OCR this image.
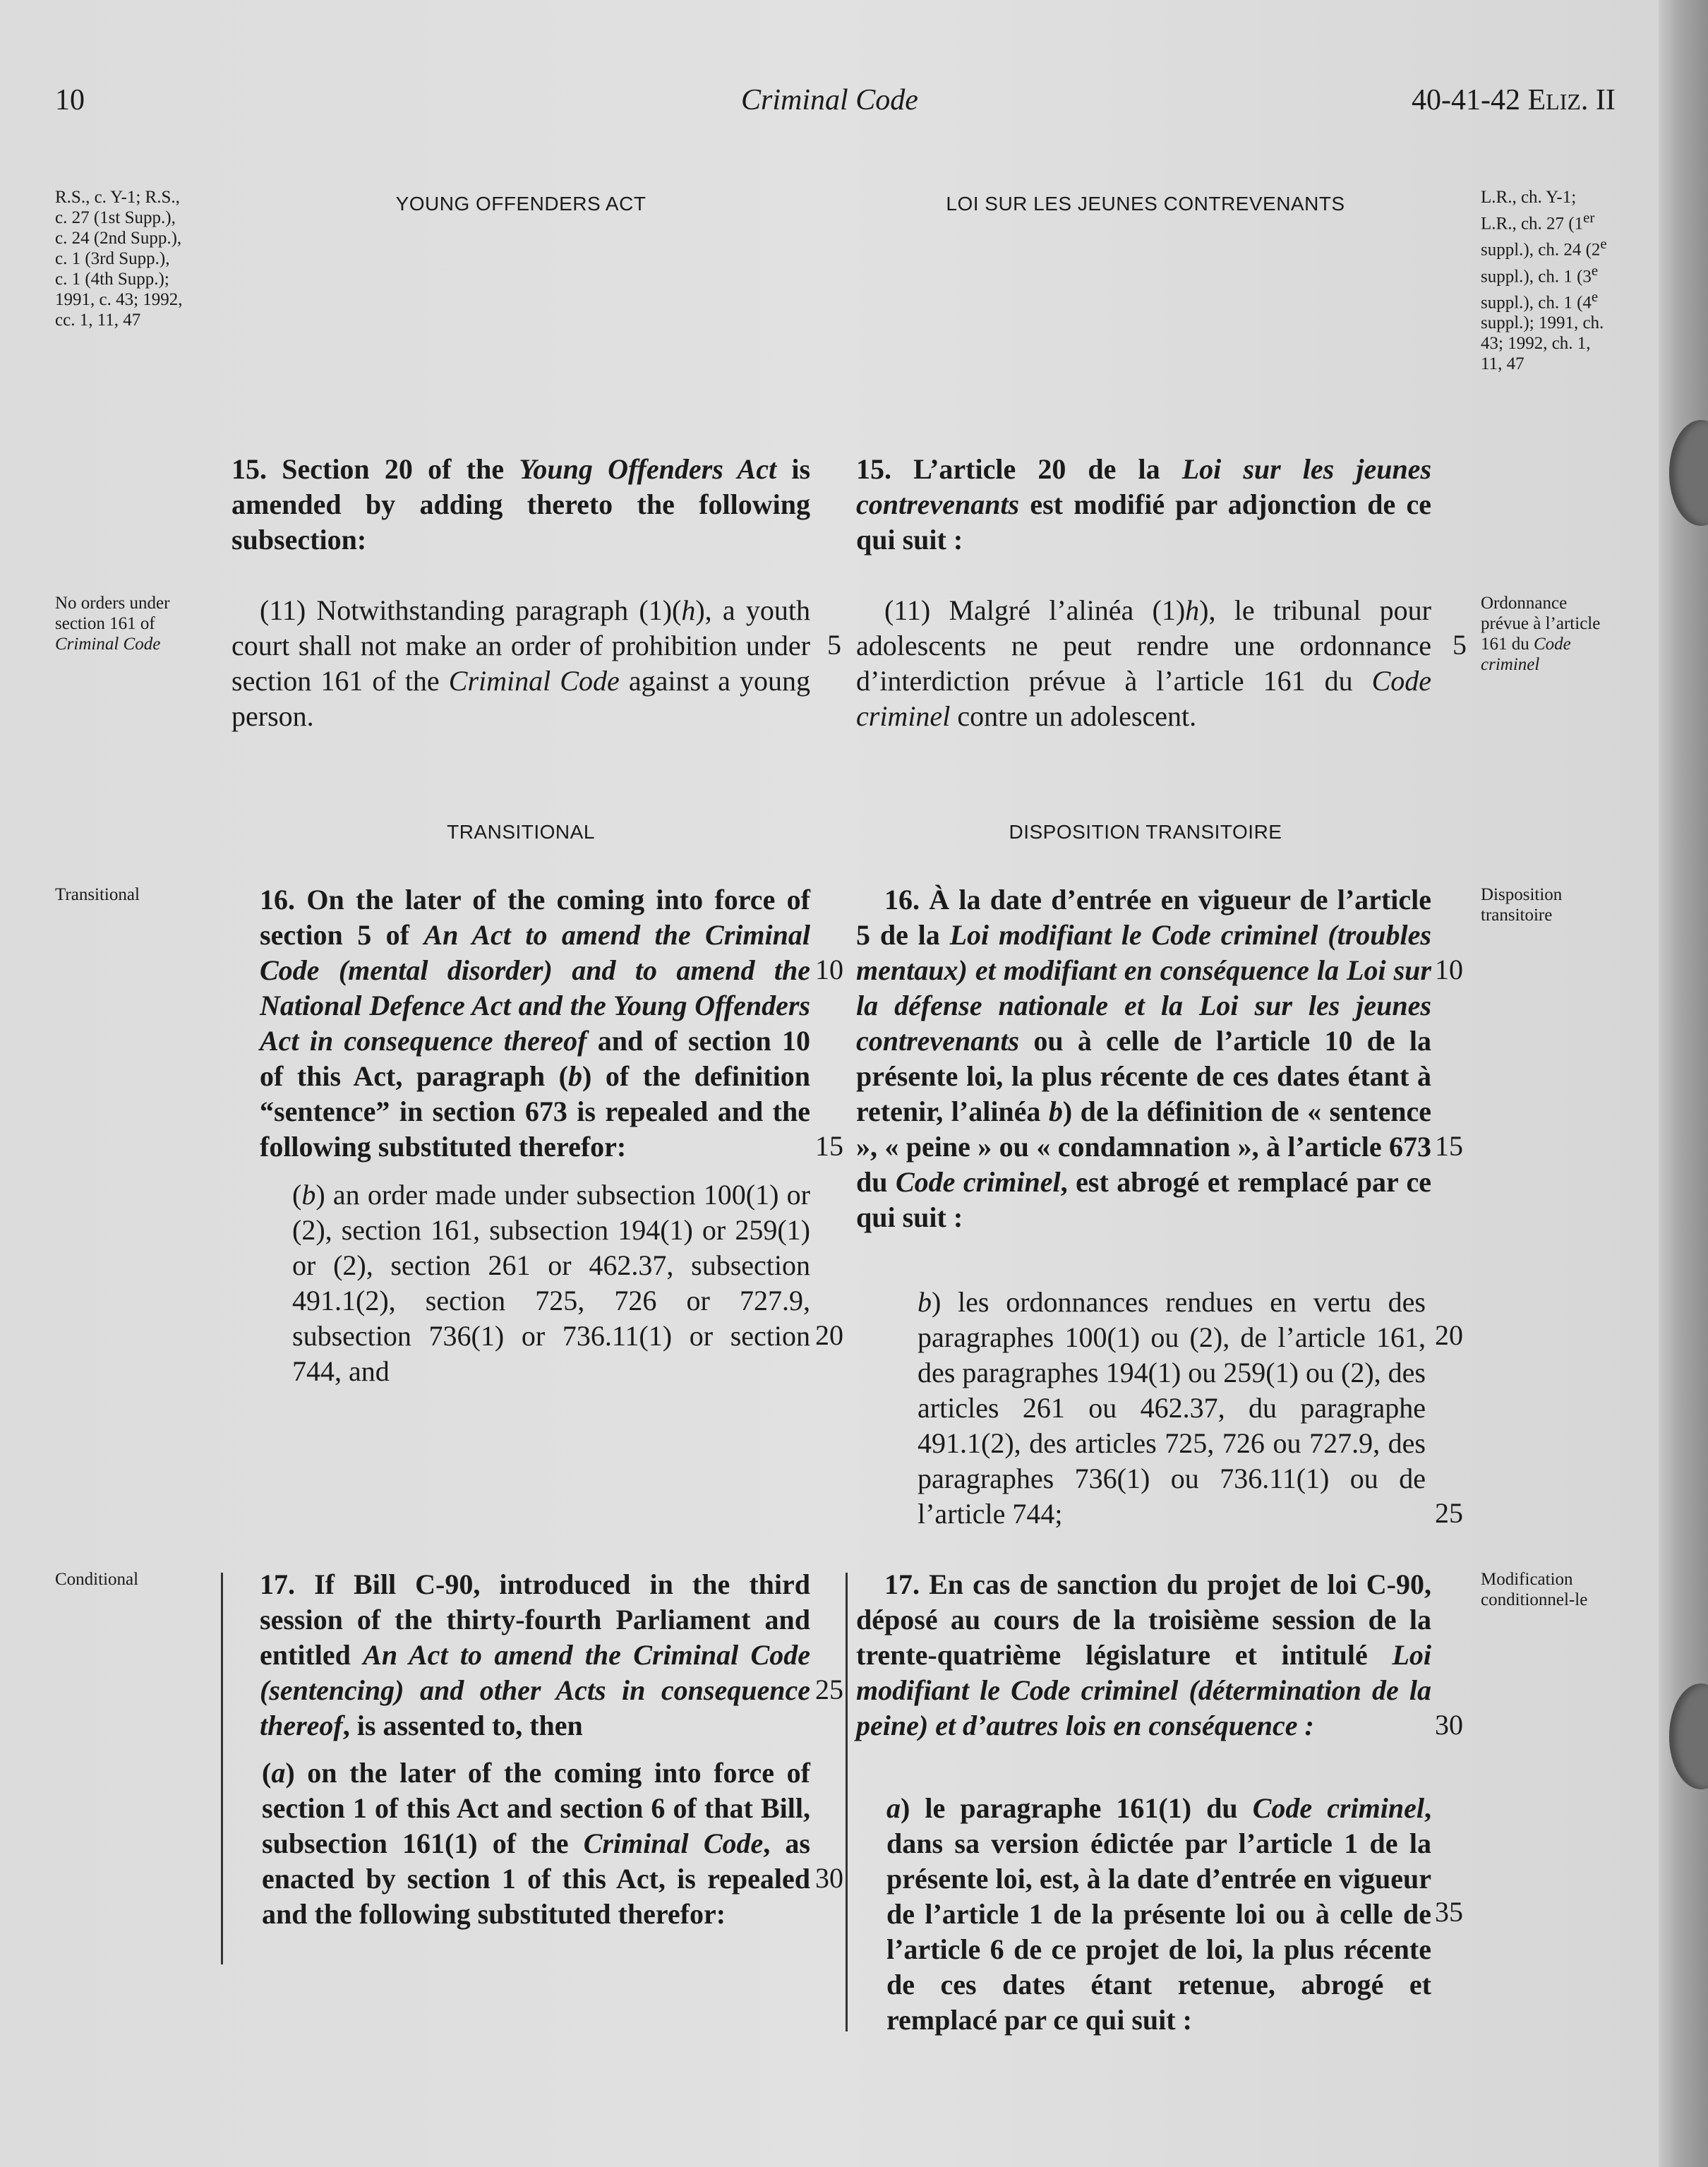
10	Criminal Code	40-41-42 ELIZ. II
R.S., c. Y-1; R.S., c. 27 (1st Supp.), c. 24 (2nd Supp.), c. 1 (3rd Supp.), c. 1 (4th Supp.); 1991, c. 43; 1992, cc. 1, 11, 47
No orders under section 161 of Criminal Code
Transitional
Conditional
L.R., ch. Y-1; L.R., ch. 27 (1er suppl.), ch. 24 (2e suppl.), ch. 1 (3e suppl.), ch. 1 (4e suppl.); 1991, ch. 43; 1992, ch. 1, 11, 47
Ordonnance prévue à l’article 161 du Code criminel
Disposition transitoire
Modification conditionnel-le
YOUNG OFFENDERS ACT
15. Section 20 of the Young Offenders Act is amended by adding thereto the following subsection:
(11) Notwithstanding paragraph (1)(h), a youth court shall not make an order of prohibition under section 161 of the Criminal Code against a young person.
TRANSITIONAL
16. On the later of the coming into force of section 5 of An Act to amend the Criminal Code (mental disorder) and to amend the National Defence Act and the Young Offenders Act in consequence thereof and of section 10 of this Act, paragraph (b) of the definition “sentence” in section 673 is repealed and the following substituted therefor:
(b) an order made under subsection 100(1) or (2), section 161, subsection 194(1) or 259(1) or (2), section 261 or 462.37, subsection 491.1(2), section 725, 726 or 727.9, subsection 736(1) or 736.11(1) or section 744, and
17. If Bill C-90, introduced in the third session of the thirty-fourth Parliament and entitled An Act to amend the Criminal Code (sentencing) and other Acts in consequence thereof, is assented to, then
(a) on the later of the coming into force of section 1 of this Act and section 6 of that Bill, subsection 161(1) of the Criminal Code, as enacted by section 1 of this Act, is repealed and the following substituted therefor:
5
10
15
20
25
30
LOI SUR LES JEUNES CONTREVENANTS
15. L’article 20 de la Loi sur les jeunes contrevenants est modifié par adjonction de ce qui suit :
(11) Malgré l’alinéa (1)h), le tribunal pour adolescents ne peut rendre une ordonnance d’interdiction prévue à l’article 161 du Code criminel contre un adolescent.
DISPOSITION TRANSITOIRE
16. À la date d’entrée en vigueur de l’article 5 de la Loi modifiant le Code criminel (troubles mentaux) et modifiant en conséquence la Loi sur la défense nationale et la Loi sur les jeunes contrevenants ou à celle de l’article 10 de la présente loi, la plus récente de ces dates étant à retenir, l’alinéa b) de la définition de « sentence », « peine » ou « condamnation », à l’article 673 du Code criminel, est abrogé et remplacé par ce qui suit :
b) les ordonnances rendues en vertu des paragraphes 100(1) ou (2), de l’article 161, des paragraphes 194(1) ou 259(1) ou (2), des articles 261 ou 462.37, du paragraphe 491.1(2), des articles 725, 726 ou 727.9, des paragraphes 736(1) ou 736.11(1) ou de l’article 744;
17. En cas de sanction du projet de loi C-90, déposé au cours de la troisième session de la trente-quatrième législature et intitulé Loi modifiant le Code criminel (détermination de la peine) et d’autres lois en conséquence :
a) le paragraphe 161(1) du Code criminel, dans sa version édictée par l’article 1 de la présente loi, est, à la date d’entrée en vigueur de l’article 1 de la présente loi ou à celle de l’article 6 de ce projet de loi, la plus récente de ces dates étant retenue, abrogé et remplacé par ce qui suit :
5
10
15
20
25
30
35
